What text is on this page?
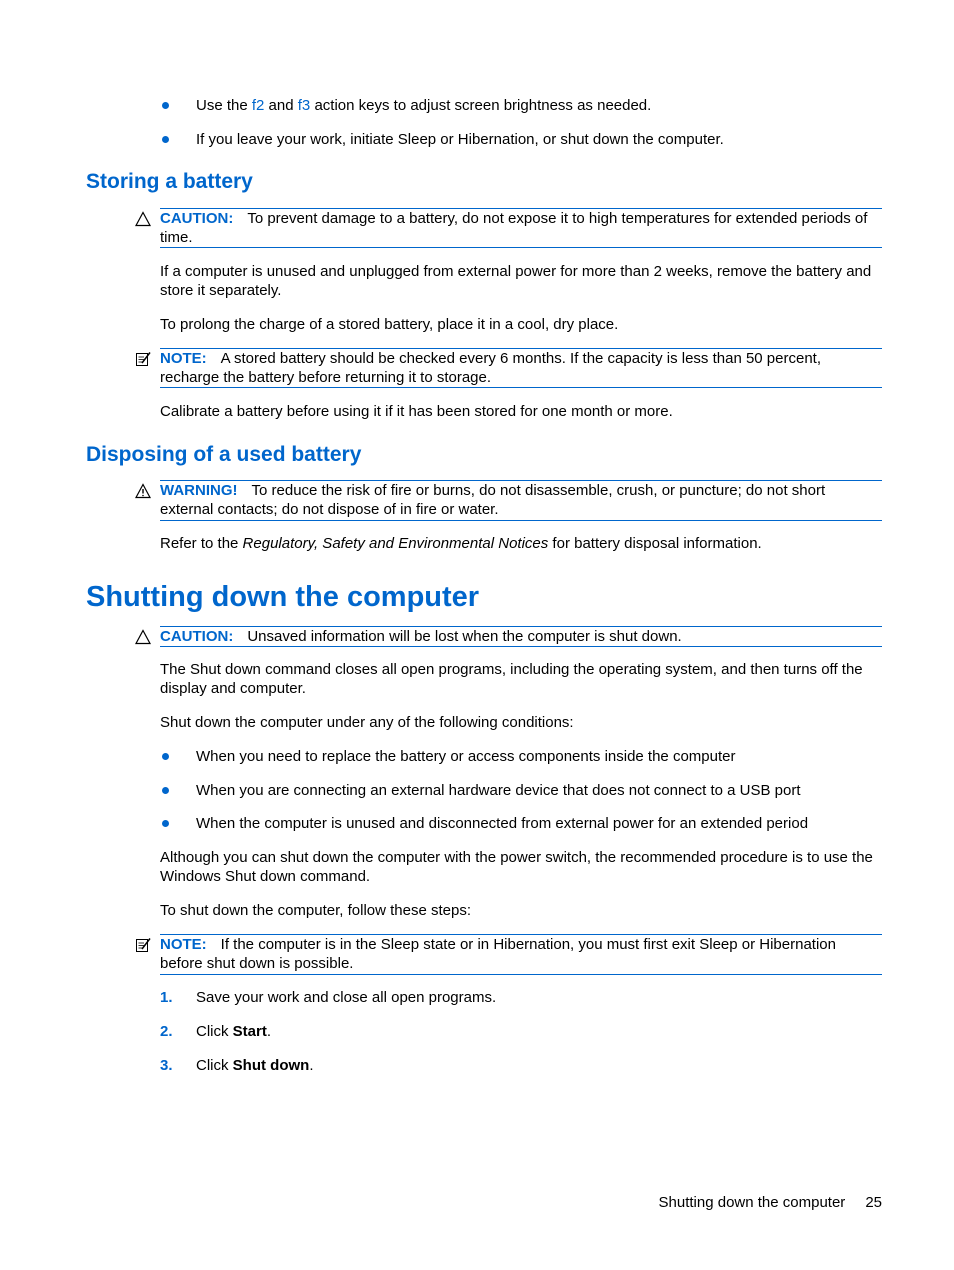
Use the f2 and f3 action keys to adjust screen brightness as needed.
If you leave your work, initiate Sleep or Hibernation, or shut down the computer.
Storing a battery
CAUTION: To prevent damage to a battery, do not expose it to high temperatures for extended periods of time.
If a computer is unused and unplugged from external power for more than 2 weeks, remove the battery and store it separately.
To prolong the charge of a stored battery, place it in a cool, dry place.
NOTE: A stored battery should be checked every 6 months. If the capacity is less than 50 percent, recharge the battery before returning it to storage.
Calibrate a battery before using it if it has been stored for one month or more.
Disposing of a used battery
WARNING! To reduce the risk of fire or burns, do not disassemble, crush, or puncture; do not short external contacts; do not dispose of in fire or water.
Refer to the Regulatory, Safety and Environmental Notices for battery disposal information.
Shutting down the computer
CAUTION: Unsaved information will be lost when the computer is shut down.
The Shut down command closes all open programs, including the operating system, and then turns off the display and computer.
Shut down the computer under any of the following conditions:
When you need to replace the battery or access components inside the computer
When you are connecting an external hardware device that does not connect to a USB port
When the computer is unused and disconnected from external power for an extended period
Although you can shut down the computer with the power switch, the recommended procedure is to use the Windows Shut down command.
To shut down the computer, follow these steps:
NOTE: If the computer is in the Sleep state or in Hibernation, you must first exit Sleep or Hibernation before shut down is possible.
1. Save your work and close all open programs.
2. Click Start.
3. Click Shut down.
Shutting down the computer 25
